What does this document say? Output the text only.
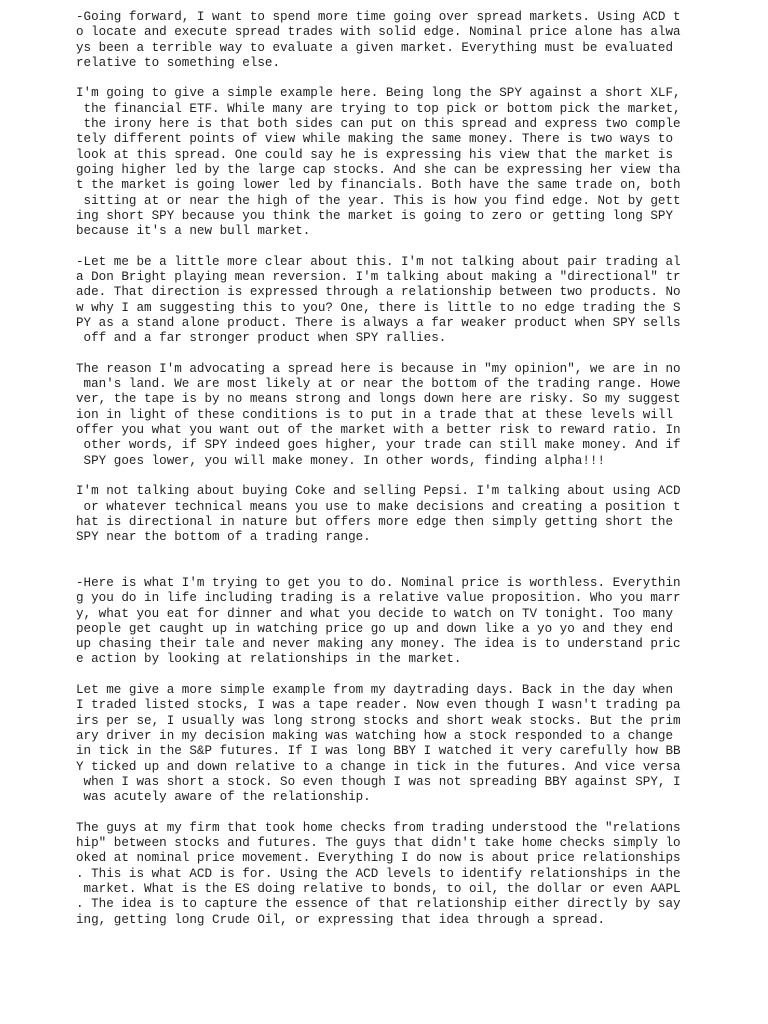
-Going forward, I want to spend more time going over spread markets. Using ACD t
o locate and execute spread trades with solid edge. Nominal price alone has alwa
ys been a terrible way to evaluate a given market. Everything must be evaluated
relative to something else.

I'm going to give a simple example here. Being long the SPY against a short XLF,
the financial ETF. While many are trying to top pick or bottom pick the market,
the irony here is that both sides can put on this spread and express two comple
tely different points of view while making the same money. There is two ways to
look at this spread. One could say he is expressing his view that the market is
going higher led by the large cap stocks. And she can be expressing her view tha
t the market is going lower led by financials. Both have the same trade on, both
sitting at or near the high of the year. This is how you find edge. Not by gett
ing short SPY because you think the market is going to zero or getting long SPY
because it's a new bull market.

-Let me be a little more clear about this. I'm not talking about pair trading al
a Don Bright playing mean reversion. I'm talking about making a "directional" tr
ade. That direction is expressed through a relationship between two products. No
w why I am suggesting this to you? One, there is little to no edge trading the S
PY as a stand alone product. There is always a far weaker product when SPY sells
off and a far stronger product when SPY rallies.

The reason I'm advocating a spread here is because in "my opinion", we are in no
man's land. We are most likely at or near the bottom of the trading range. Howe
ver, the tape is by no means strong and longs down here are risky. So my suggest
ion in light of these conditions is to put in a trade that at these levels will
offer you what you want out of the market with a better risk to reward ratio. In
other words, if SPY indeed goes higher, your trade can still make money. And if
SPY goes lower, you will make money. In other words, finding alpha!!!

I'm not talking about buying Coke and selling Pepsi. I'm talking about using ACD
or whatever technical means you use to make decisions and creating a position t
hat is directional in nature but offers more edge then simply getting short the
SPY near the bottom of a trading range.

-Here is what I'm trying to get you to do. Nominal price is worthless. Everythin
g you do in life including trading is a relative value proposition. Who you marr
y, what you eat for dinner and what you decide to watch on TV tonight. Too many
people get caught up in watching price go up and down like a yo yo and they end
up chasing their tale and never making any money. The idea is to understand pric
e action by looking at relationships in the market.

Let me give a more simple example from my daytrading days. Back in the day when
I traded listed stocks, I was a tape reader. Now even though I wasn't trading pa
irs per se, I usually was long strong stocks and short weak stocks. But the prim
ary driver in my decision making was watching how a stock responded to a change
in tick in the S&P futures. If I was long BBY I watched it very carefully how BB
Y ticked up and down relative to a change in tick in the futures. And vice versa
when I was short a stock. So even though I was not spreading BBY against SPY, I
was acutely aware of the relationship.

The guys at my firm that took home checks from trading understood the "relations
hip" between stocks and futures. The guys that didn't take home checks simply lo
oked at nominal price movement. Everything I do now is about price relationships
. This is what ACD is for. Using the ACD levels to identify relationships in the
market. What is the ES doing relative to bonds, to oil, the dollar or even AAPL
. The idea is to capture the essence of that relationship either directly by say
ing, getting long Crude Oil, or expressing that idea through a spread.
